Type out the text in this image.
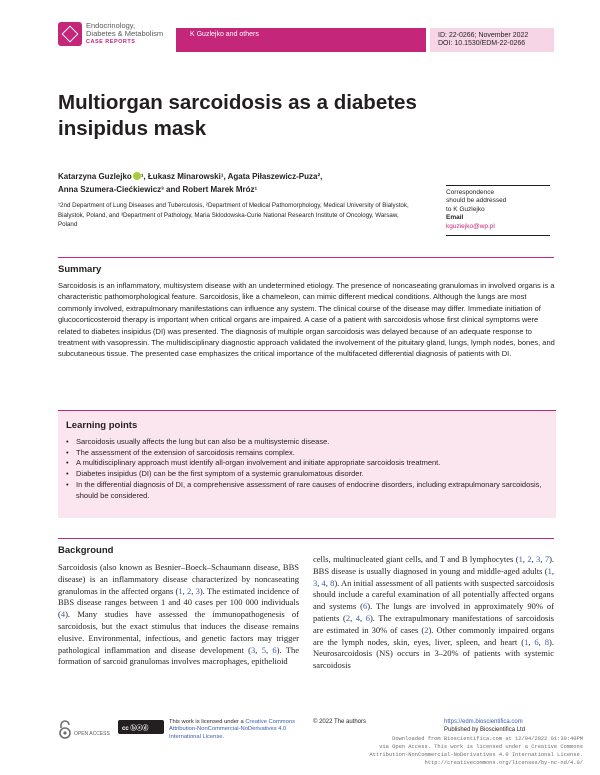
Endocrinology,
Diabetes & Metabolism
CASE REPORTS
K Guzlejko and others	ID: 22-0266; November 2022
DOI: 10.1530/EDM-22-0266
Multiorgan sarcoidosis as a diabetes insipidus mask
Katarzyna Guzlejko ¹, Łukasz Minarowski¹, Agata Piłaszewicz-Puza²,
Anna Szumera-Ciećkiewicz³ and Robert Marek Mróz¹
¹2nd Department of Lung Diseases and Tuberculosis, ²Department of Medical Pathomorphology, Medical University of Bialystok, Bialystok, Poland, and ³Department of Pathology, Maria Sklodowska-Curie National Research Institute of Oncology, Warsaw, Poland
Correspondence
should be addressed
to K Guzlejko
Email
kguziejko@wp.pl
Summary

Sarcoidosis is an inflammatory, multisystem disease with an undetermined etiology. The presence of noncaseating granulomas in involved organs is a characteristic pathomorphological feature. Sarcoidosis, like a chameleon, can mimic different medical conditions. Although the lungs are most commonly involved, extrapulmonary manifestations can influence any system. The clinical course of the disease may differ. Immediate initiation of glucocorticosteroid therapy is important when critical organs are impaired. A case of a patient with sarcoidosis whose first clinical symptoms were related to diabetes insipidus (DI) was presented. The diagnosis of multiple organ sarcoidosis was delayed because of an adequate response to treatment with vasopressin. The multidisciplinary diagnostic approach validated the involvement of the pituitary gland, lungs, lymph nodes, bones, and subcutaneous tissue. The presented case emphasizes the critical importance of the multifaceted differential diagnosis of patients with DI.

Learning points
• Sarcoidosis usually affects the lung but can also be a multisystemic disease.
• The assessment of the extension of sarcoidosis remains complex.
• A multidisciplinary approach must identify all-organ involvement and initiate appropriate sarcoidosis treatment.
• Diabetes insipidus (DI) can be the first symptom of a systemic granulomatous disorder.
• In the differential diagnosis of DI, a comprehensive assessment of rare causes of endocrine disorders, including extrapulmonary sarcoidosis, should be considered.
Background

Sarcoidosis (also known as Besnier–Boeck–Schaumann disease, BBS disease) is an inflammatory disease characterized by noncaseating granulomas in the affected organs (1, 2, 3). The estimated incidence of BBS disease ranges between 1 and 40 cases per 100 000 individuals (4). Many studies have assessed the immunopathogenesis of sarcoidosis, but the exact stimulus that induces the disease remains elusive. Environmental, infectious, and genetic factors may trigger pathological inflammation and disease development (3, 5, 6). The formation of sarcoid granulomas involves macrophages, epithelioid

cells, multinucleated giant cells, and T and B lymphocytes (1, 2, 3, 7). BBS disease is usually diagnosed in young and middle-aged adults (1, 3, 4, 8). An initial assessment of all patients with suspected sarcoidosis should include a careful examination of all potentially affected organs and systems (6). The lungs are involved in approximately 90% of patients (2, 4, 6). The extrapulmonary manifestations of sarcoidosis are estimated in 30% of cases (2). Other commonly impaired organs are the lymph nodes, skin, eyes, liver, spleen, and heart (1, 6, 8). Neurosarcoidosis (NS) occurs in 3–20% of patients with systemic sarcoidosis

OPEN ACCESS
cc ⓑⓢⓓ
This work is licensed under a Creative Commons Attribution-NonCommercial-NoDerivatives 4.0 International License.
© 2022 The authors	https://edm.bioscientifica.com
Published by Bioscientifica Ltd
Downloaded from Bioscientifica.com at 12/04/2022 01:30:40PM
via Open Access. This work is licensed under a Creative Commons
Attribution-NonCommercial-NoDerivatives 4.0 International License.
http://creativecommons.org/licenses/by-nc-nd/4.0/
